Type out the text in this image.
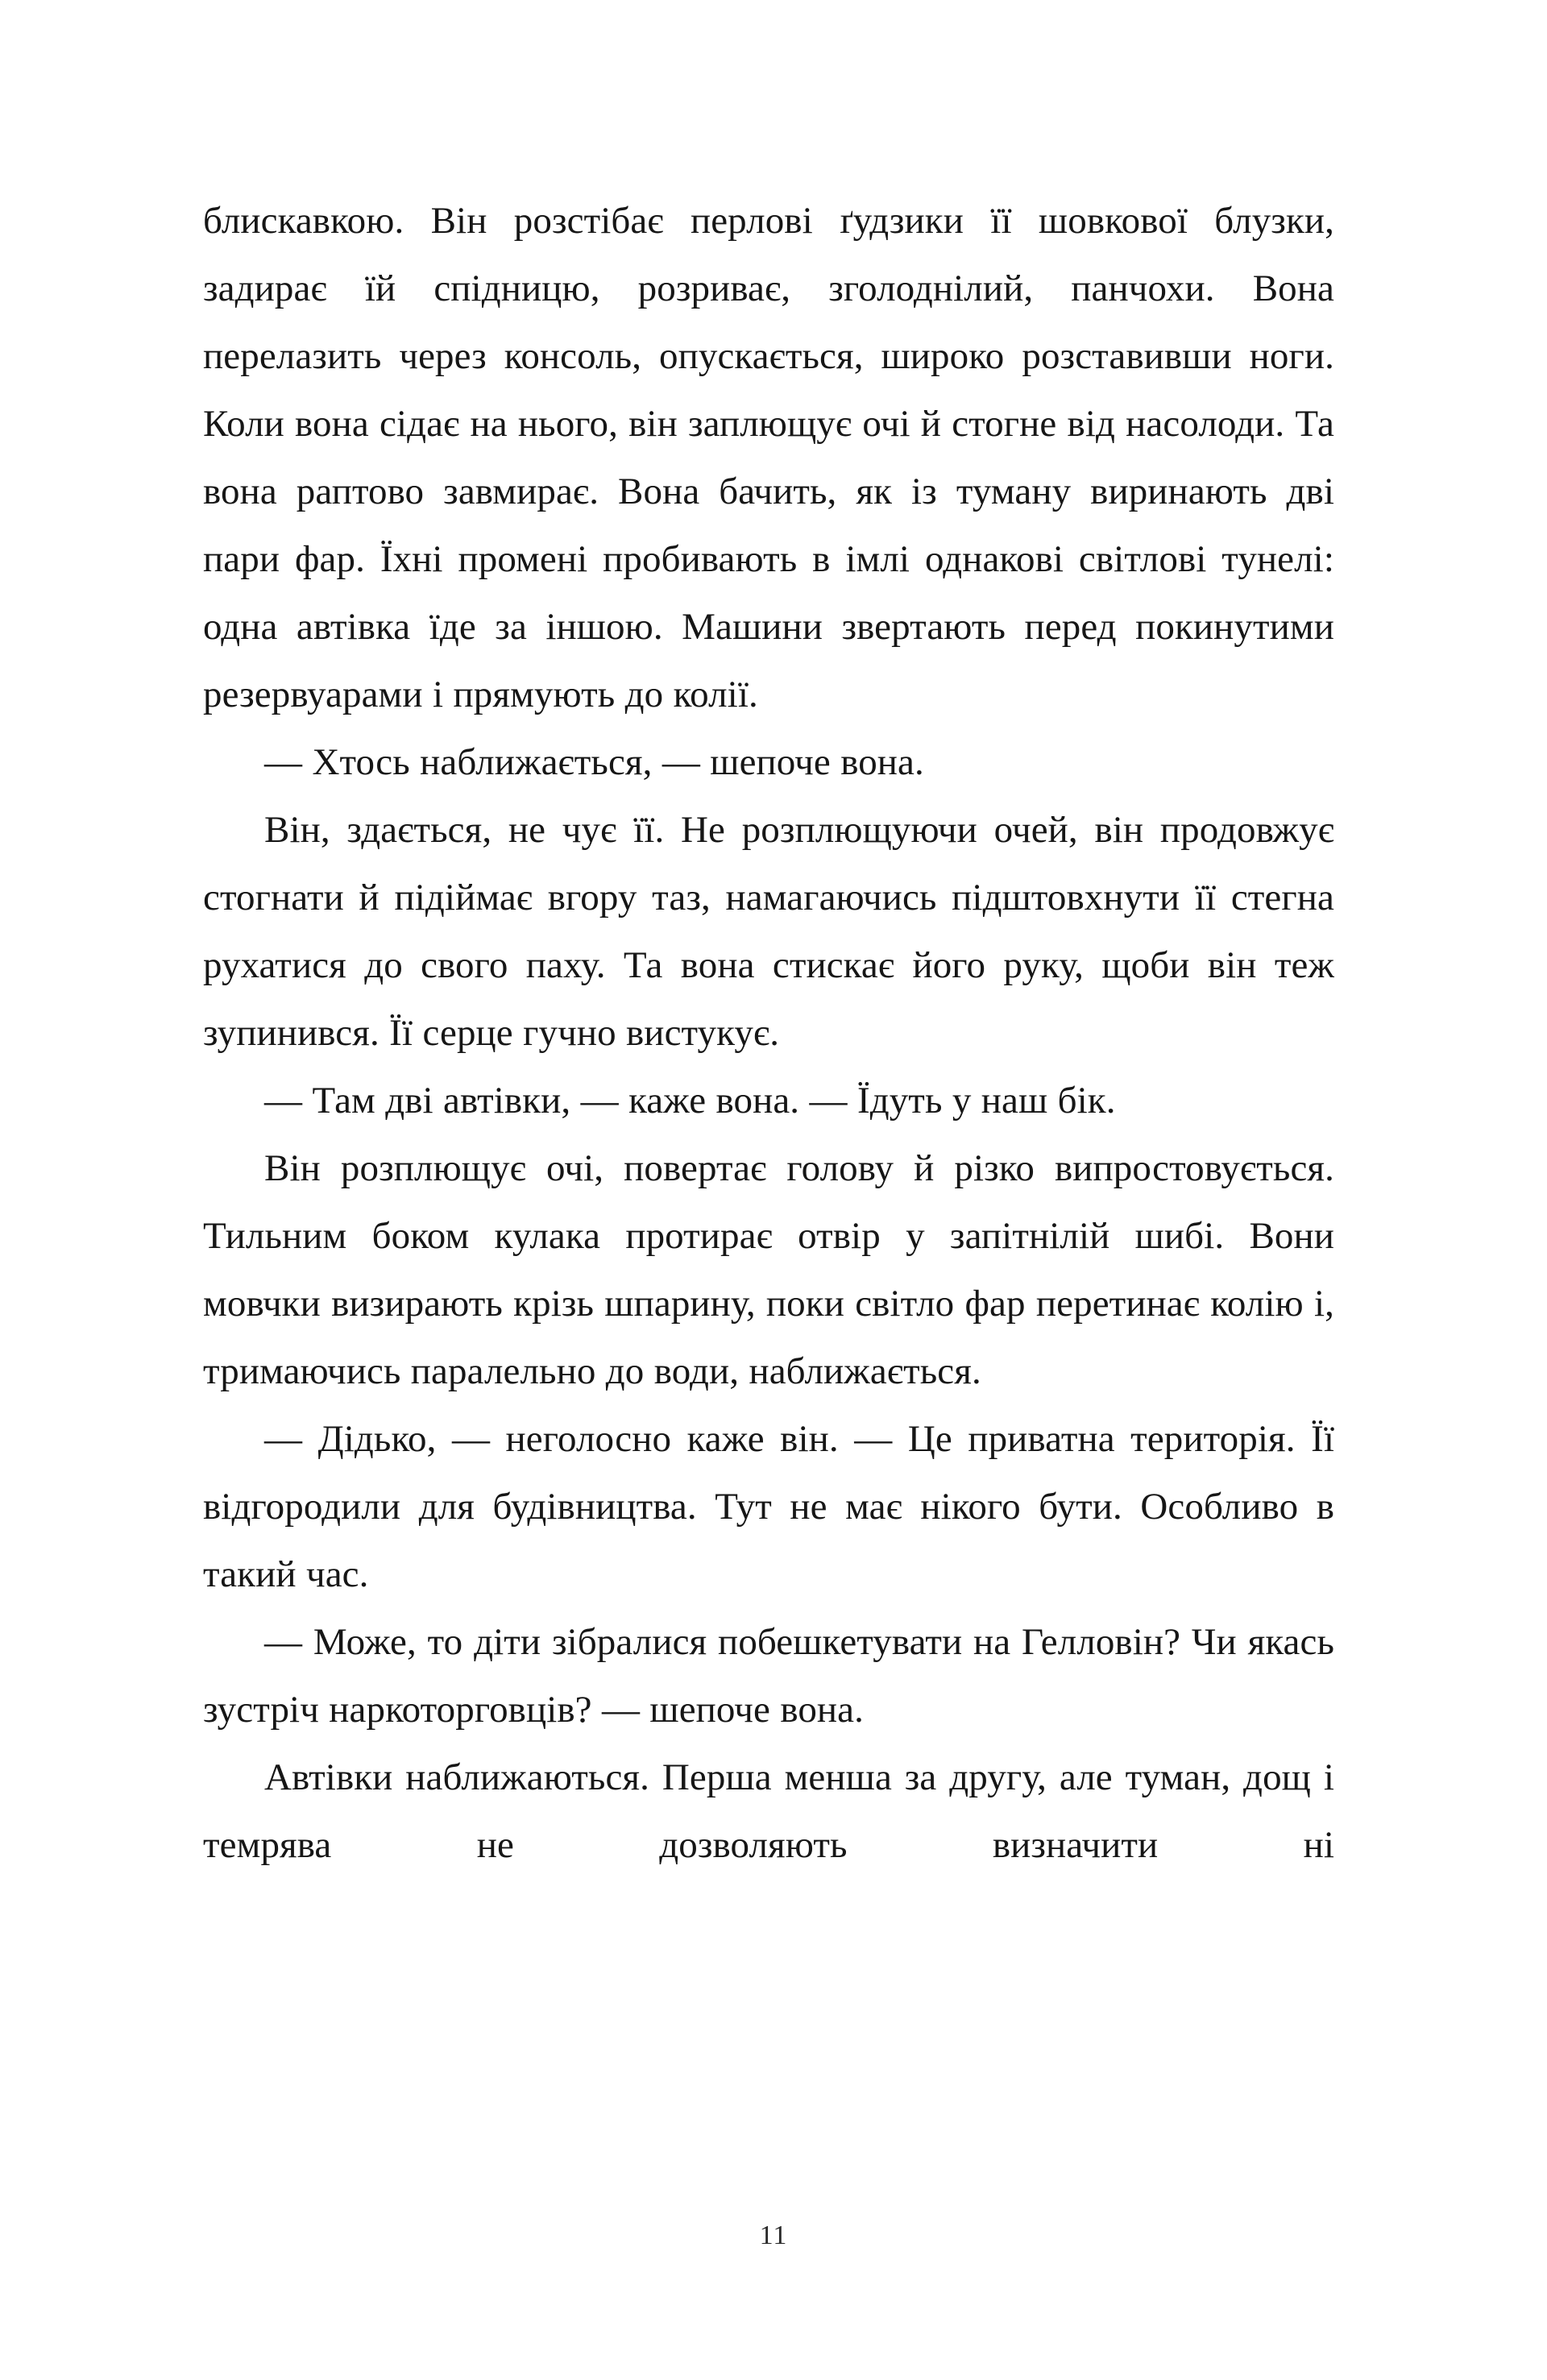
блискавкою. Він розстібає перлові ґудзики її шовкової блузки, задирає їй спідницю, розриває, зголоднілий, панчохи. Вона перелазить через консоль, опускається, широко розставивши ноги. Коли вона сідає на нього, він заплющує очі й стогне від насолоди. Та вона раптово завмирає. Вона бачить, як із туману виринають дві пари фар. Їхні промені пробивають в імлі однакові світлові тунелі: одна автівка їде за іншою. Машини звертають перед покинутими резервуарами і прямують до колії.

— Хтось наближається, — шепоче вона.

Він, здається, не чує її. Не розплющуючи очей, він продовжує стогнати й підіймає вгору таз, намагаючись підштовхнути її стегна рухатися до свого паху. Та вона стискає його руку, щоби він теж зупинився. Її серце гучно вистукує.

— Там дві автівки, — каже вона. — Їдуть у наш бік.

Він розплющує очі, повертає голову й різко випростовується. Тильним боком кулака протирає отвір у запітнілій шибі. Вони мовчки визирають крізь шпарину, поки світло фар перетинає колію і, тримаючись паралельно до води, наближається.

— Дідько, — неголосно каже він. — Це приватна територія. Її відгородили для будівництва. Тут не має нікого бути. Особливо в такий час.

— Може, то діти зібралися побешкетувати на Гелловін? Чи якась зустріч наркоторговців? — шепоче вона.

Автівки наближаються. Перша менша за другу, але туман, дощ і темрява не дозволяють визначити ні

11
